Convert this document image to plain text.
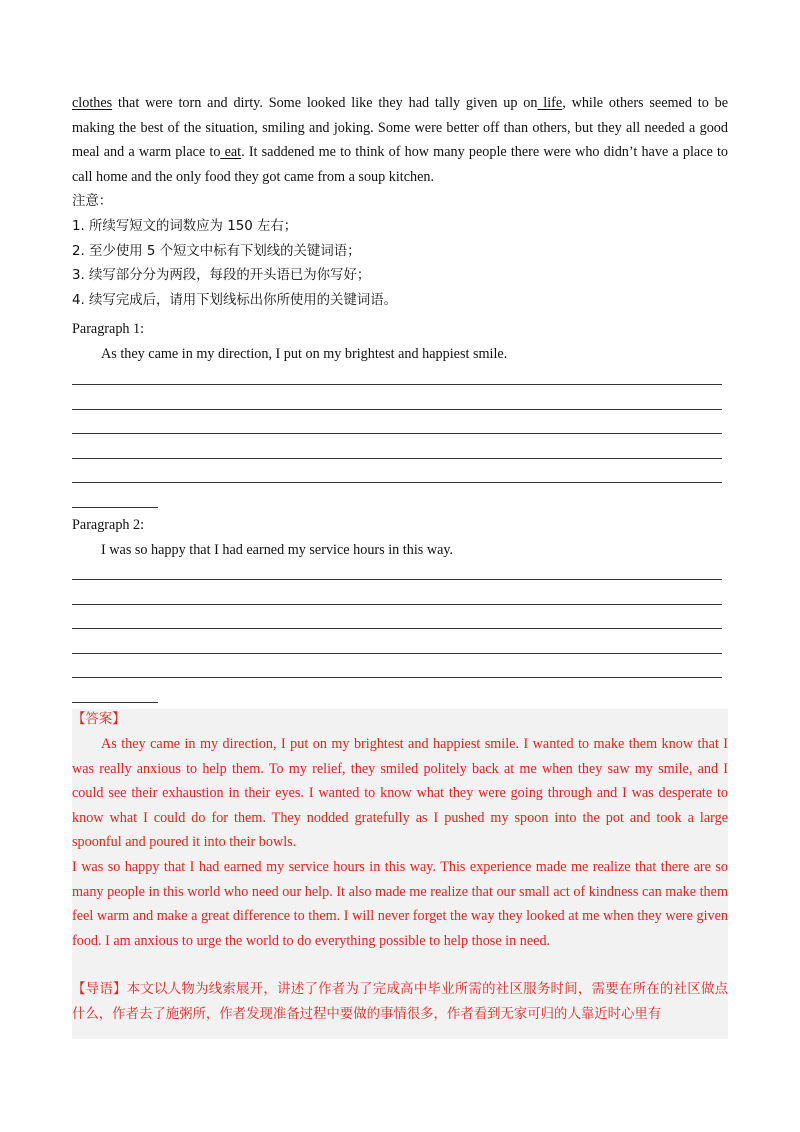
clothes that were torn and dirty. Some looked like they had tally given up on life, while others seemed to be making the best of the situation, smiling and joking. Some were better off than others, but they all needed a good meal and a warm place to eat. It saddened me to think of how many people there were who didn’t have a place to call home and the only food they got came from a soup kitchen.
注意：
1. 所续写短文的词数应为 150 左右；
2. 至少使用 5 个短文中标有下划线的关键词语；
3. 续写部分分为两段，每段的开头语已为你写好；
4. 续写完成后，请用下划线标出你所使用的关键词语。
Paragraph 1:
As they came in my direction, I put on my brightest and happiest smile.
Paragraph 2:
I was so happy that I had earned my service hours in this way.
【答案】
As they came in my direction, I put on my brightest and happiest smile. I wanted to make them know that I was really anxious to help them. To my relief, they smiled politely back at me when they saw my smile, and I could see their exhaustion in their eyes. I wanted to know what they were going through and I was desperate to know what I could do for them. They nodded gratefully as I pushed my spoon into the pot and took a large spoonful and poured it into their bowls.
I was so happy that I had earned my service hours in this way. This experience made me realize that there are so many people in this world who need our help. It also made me realize that our small act of kindness can make them feel warm and make a great difference to them. I will never forget the way they looked at me when they were given food. I am anxious to urge the world to do everything possible to help those in need.
【导语】本文以人物为线索展开，讲述了作者为了完成高中毕业所需的社区服务时间，需要在所在的社区做点什么，作者去了施粥所，作者发现准备过程中要做的事情很多，作者看到无家可归的人靠近时心里有
